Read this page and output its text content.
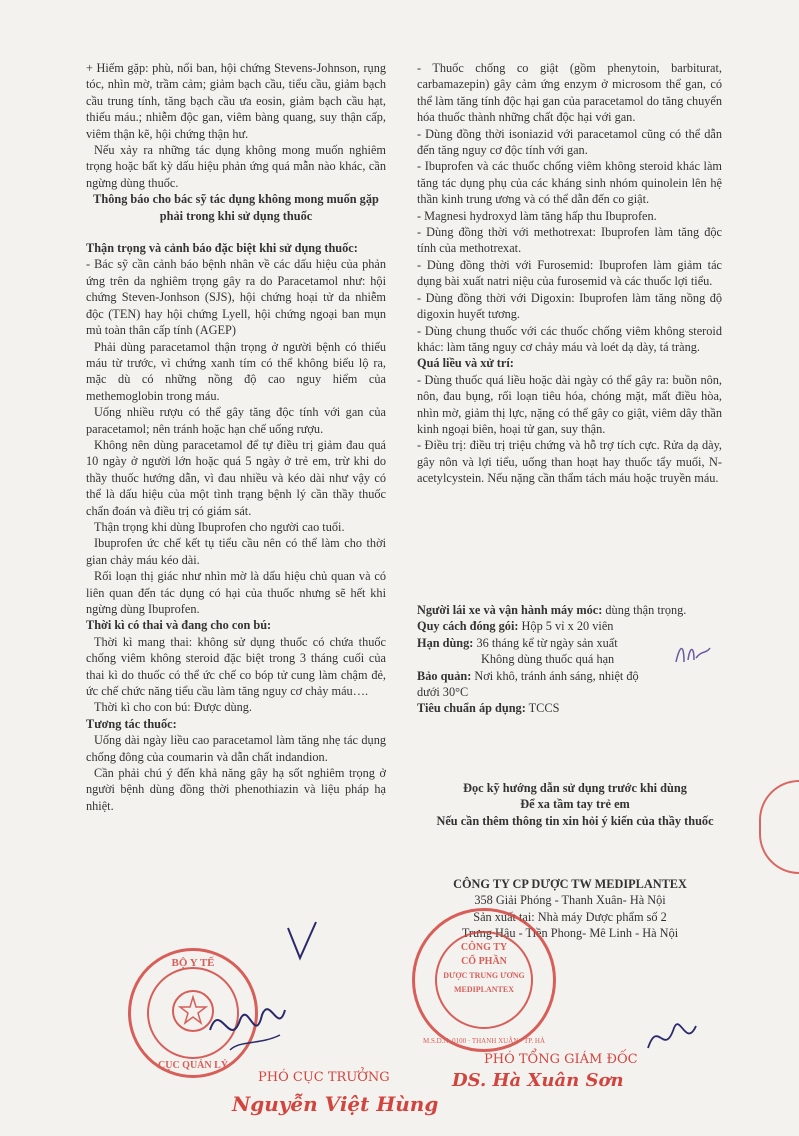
+ Hiếm gặp: phù, nổi ban, hội chứng Stevens-Johnson, rụng tóc, nhìn mờ, trầm cảm; giảm bạch cầu, tiểu cầu, giảm bạch cầu trung tính, tăng bạch cầu ưa eosin, giảm bạch cầu hạt, thiếu máu.; nhiễm độc gan, viêm bàng quang, suy thận cấp, viêm thận kẽ, hội chứng thận hư.
Nếu xảy ra những tác dụng không mong muốn nghiêm trọng hoặc bất kỳ dấu hiệu phản ứng quá mẫn nào khác, cần ngừng dùng thuốc.
Thông báo cho bác sỹ tác dụng không mong muốn gặp phải trong khi sử dụng thuốc
Thận trọng và cảnh báo đặc biệt khi sử dụng thuốc:
- Bác sỹ cần cảnh báo bệnh nhân về các dấu hiệu của phản ứng trên da nghiêm trọng gây ra do Paracetamol như: hội chứng Steven-Jonhson (SJS), hội chứng hoại tử da nhiễm độc (TEN) hay hội chứng Lyell, hội chứng ngoại ban mụn mủ toàn thân cấp tính (AGEP)
Phải dùng paracetamol thận trọng ở người bệnh có thiếu máu từ trước, vì chứng xanh tím có thể không biểu lộ ra, mặc dù có những nồng độ cao nguy hiểm của methemoglobin trong máu.
Uống nhiều rượu có thể gây tăng độc tính với gan của paracetamol; nên tránh hoặc hạn chế uống rượu.
Không nên dùng paracetamol để tự điều trị giảm đau quá 10 ngày ở người lớn hoặc quá 5 ngày ở trẻ em, trừ khi do thầy thuốc hướng dẫn, vì đau nhiều và kéo dài như vậy có thể là dấu hiệu của một tình trạng bệnh lý cần thầy thuốc chẩn đoán và điều trị có giám sát.
Thận trọng khi dùng Ibuprofen cho người cao tuổi.
Ibuprofen ức chế kết tụ tiểu cầu nên có thể làm cho thời gian chảy máu kéo dài.
Rối loạn thị giác như nhìn mờ là dấu hiệu chủ quan và có liên quan đến tác dụng có hại của thuốc nhưng sẽ hết khi ngừng dùng Ibuprofen.
Thời kì có thai và đang cho con bú:
Thời kì mang thai: không sử dụng thuốc có chứa thuốc chống viêm không steroid đặc biệt trong 3 tháng cuối của thai kì do thuốc có thể ức chế co bóp tử cung làm chậm đẻ, ức chế chức năng tiểu cầu làm tăng nguy cơ chảy máu….
Thời kì cho con bú: Được dùng.
Tương tác thuốc:
Uống dài ngày liều cao paracetamol làm tăng nhẹ tác dụng chống đông của coumarin và dẫn chất indandion.
Cần phải chú ý đến khả năng gây hạ sốt nghiêm trọng ở người bệnh dùng đồng thời phenothiazin và liệu pháp hạ nhiệt.
- Thuốc chống co giật (gồm phenytoin, barbiturat, carbamazepin) gây cảm ứng enzym ở microsom thể gan, có thể làm tăng tính độc hại gan của paracetamol do tăng chuyển hóa thuốc thành những chất độc hại với gan.
- Dùng đồng thời isoniazid với paracetamol cũng có thể dẫn đến tăng nguy cơ độc tính với gan.
- Ibuprofen và các thuốc chống viêm không steroid khác làm tăng tác dụng phụ của các kháng sinh nhóm quinolein lên hệ thần kinh trung ương và có thể dẫn đến co giật.
- Magnesi hydroxyd làm tăng hấp thu Ibuprofen.
- Dùng đồng thời với methotrexat: Ibuprofen làm tăng độc tính của methotrexat.
- Dùng đồng thời với Furosemid: Ibuprofen làm giảm tác dụng bài xuất natri niệu của furosemid và các thuốc lợi tiểu.
- Dùng đồng thời với Digoxin: Ibuprofen làm tăng nồng độ digoxin huyết tương.
- Dùng chung thuốc với các thuốc chống viêm không steroid khác: làm tăng nguy cơ chảy máu và loét dạ dày, tá tràng.
Quá liều và xử trí:
- Dùng thuốc quá liều hoặc dài ngày có thể gây ra: buồn nôn, nôn, đau bụng, rối loạn tiêu hóa, chóng mặt, mất điều hòa, nhìn mờ, giảm thị lực, nặng có thể gây co giật, viêm dây thần kinh ngoại biên, hoại tử gan, suy thận.
- Điều trị: điều trị triệu chứng và hỗ trợ tích cực. Rửa dạ dày, gây nôn và lợi tiểu, uống than hoạt hay thuốc tẩy muối, N-acetylcystein. Nếu nặng cần thẩm tách máu hoặc truyền máu.
Người lái xe và vận hành máy móc: dùng thận trọng.
Quy cách đóng gói: Hộp 5 vỉ x 20 viên
Hạn dùng: 36 tháng kể từ ngày sản xuất
Không dùng thuốc quá hạn
Bảo quản: Nơi khô, tránh ánh sáng, nhiệt độ dưới 30°C
Tiêu chuẩn áp dụng: TCCS
Đọc kỹ hướng dẫn sử dụng trước khi dùng
Để xa tầm tay trẻ em
Nếu cần thêm thông tin xin hỏi ý kiến của thầy thuốc
CÔNG TY CP DƯỢC TW MEDIPLANTEX
358 Giải Phóng - Thanh Xuân- Hà Nội
Sản xuất tại: Nhà máy Dược phẩm số 2
Trưng Hậu - Tiền Phong- Mê Linh - Hà Nội
BỘ Y TẾ
CỤC QUẢN LÝ
PHÓ CỤC TRƯỞNG
Nguyễn Việt Hùng
CÔNG TY
CỔ PHẦN
DƯỢC TRUNG ƯƠNG
MEDIPLANTEX
M.S.D.N: 0100 · THANH XUÂN · TP. HÀ
PHÓ TỔNG GIÁM ĐỐC
DS. Hà Xuân Sơn
